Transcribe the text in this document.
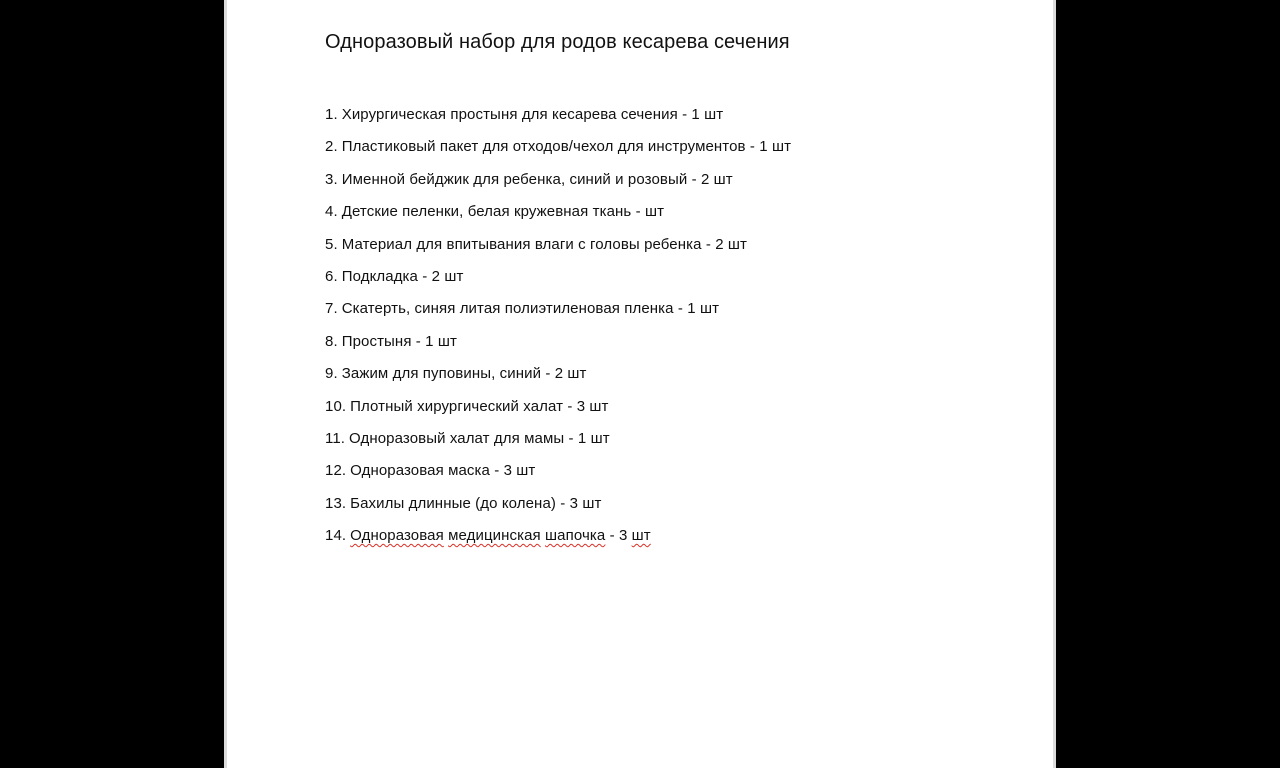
Одноразовый набор для родов кесарева сечения
1. Хирургическая простыня для кесарева сечения - 1 шт
2. Пластиковый пакет для отходов/чехол для инструментов - 1 шт
3. Именной бейджик для ребенка, синий и розовый - 2 шт
4. Детские пеленки, белая кружевная ткань - шт
5. Материал для впитывания влаги с головы ребенка - 2 шт
6. Подкладка - 2 шт
7. Скатерть, синяя литая полиэтиленовая пленка - 1 шт
8. Простыня - 1 шт
9. Зажим для пуповины, синий - 2 шт
10. Плотный хирургический халат - 3 шт
11. Одноразовый халат для мамы - 1 шт
12. Одноразовая маска - 3 шт
13. Бахилы длинные (до колена) - 3 шт
14. Одноразовая медицинская шапочка - 3 шт
